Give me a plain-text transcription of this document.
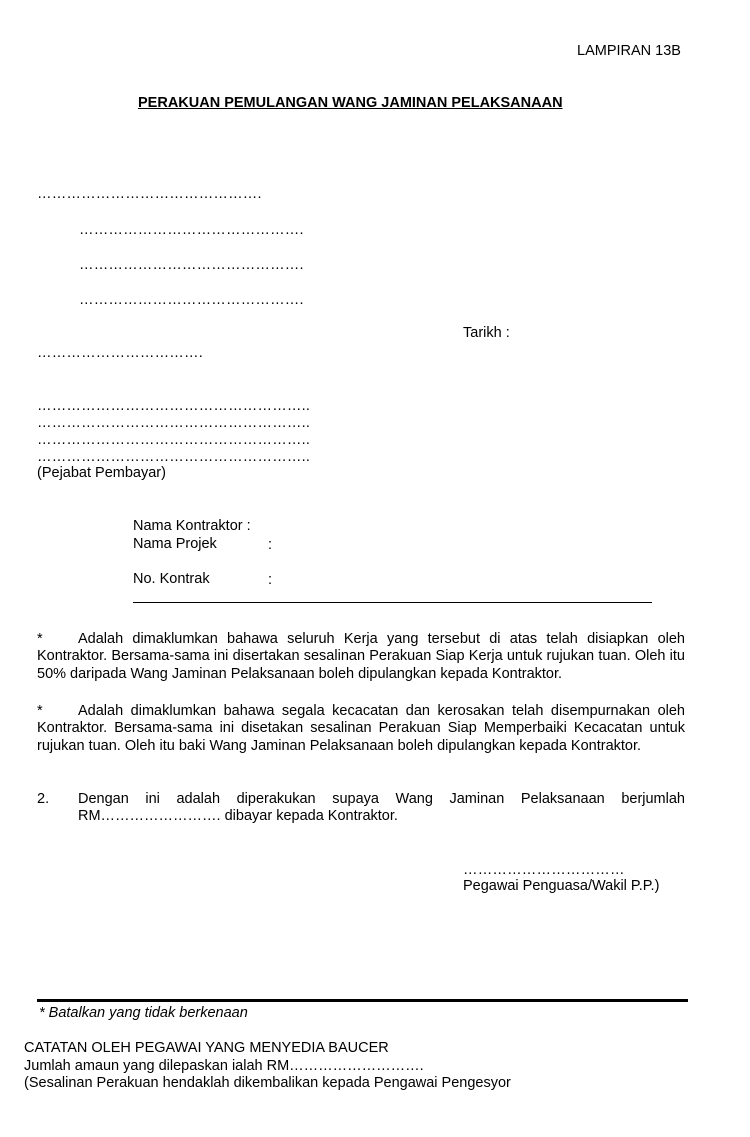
LAMPIRAN 13B
PERAKUAN PEMULANGAN WANG JAMINAN PELAKSANAAN
……………………………………….
……………………………………….
……………………………………….
……………………………………….
Tarikh :
…………………………….
………………………………………………..
………………………………………………..
………………………………………………..
………………………………………………..
(Pejabat Pembayar)
Nama Kontraktor :
Nama Projek	:
No. Kontrak	:
* Adalah dimaklumkan bahawa seluruh Kerja yang tersebut di atas telah disiapkan oleh
Kontraktor. Bersama-sama ini disertakan sesalinan Perakuan Siap Kerja untuk rujukan tuan. Oleh itu 50% daripada Wang Jaminan Pelaksanaan boleh dipulangkan kepada Kontraktor.
* Adalah dimaklumkan bahawa segala kecacatan dan kerosakan telah disempurnakan oleh
Kontraktor. Bersama-sama ini disetakan sesalinan Perakuan Siap Memperbaiki Kecacatan untuk rujukan tuan. Oleh itu baki Wang Jaminan Pelaksanaan boleh dipulangkan kepada Kontraktor.
2. Dengan ini adalah diperakukan supaya Wang Jaminan Pelaksanaan berjumlah
RM……………………. dibayar kepada Kontraktor.
……………………………
Pegawai Penguasa/Wakil P.P.)
* Batalkan yang tidak berkenaan
CATATAN OLEH PEGAWAI YANG MENYEDIA BAUCER
Jumlah amaun yang dilepaskan ialah RM……………………….
(Sesalinan Perakuan hendaklah dikembalikan kepada Pengawai Pengesyor
